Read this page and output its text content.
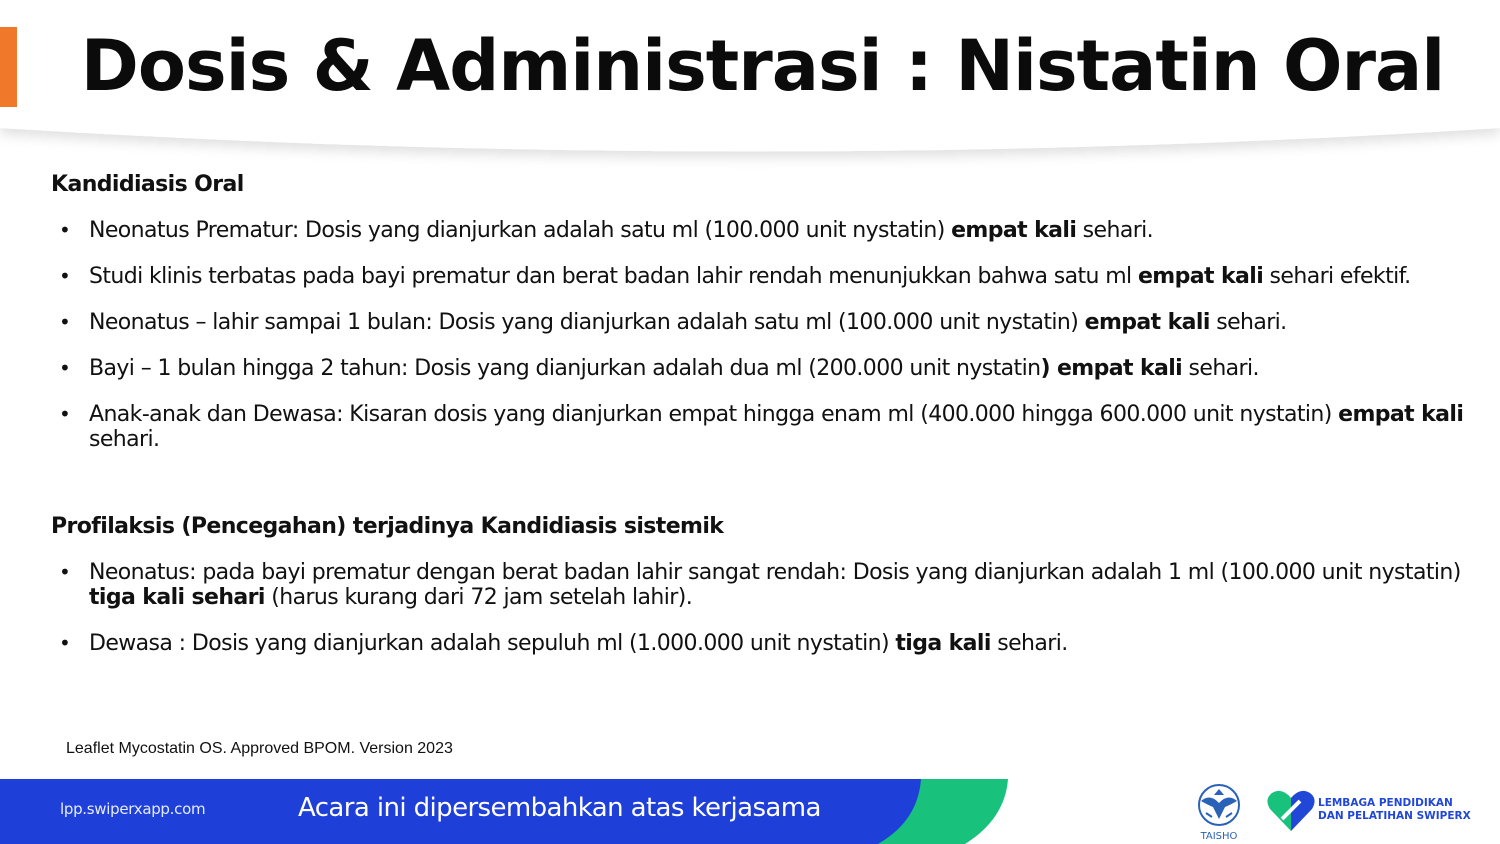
Dosis & Administrasi : Nistatin Oral

Kandidiasis Oral

• Neonatus Prematur: Dosis yang dianjurkan adalah satu ml (100.000 unit nystatin) empat kali sehari.
• Studi klinis terbatas pada bayi prematur dan berat badan lahir rendah menunjukkan bahwa satu ml empat kali sehari efektif.
• Neonatus – lahir sampai 1 bulan: Dosis yang dianjurkan adalah satu ml (100.000 unit nystatin) empat kali sehari.
• Bayi – 1 bulan hingga 2 tahun: Dosis yang dianjurkan adalah dua ml (200.000 unit nystatin) empat kali sehari.
• Anak-anak dan Dewasa: Kisaran dosis yang dianjurkan empat hingga enam ml (400.000 hingga 600.000 unit nystatin) empat kali sehari.

Profilaksis (Pencegahan) terjadinya Kandidiasis sistemik

• Neonatus: pada bayi prematur dengan berat badan lahir sangat rendah: Dosis yang dianjurkan adalah 1 ml (100.000 unit nystatin) tiga kali sehari (harus kurang dari 72 jam setelah lahir).
• Dewasa : Dosis yang dianjurkan adalah sepuluh ml (1.000.000 unit nystatin) tiga kali sehari.
Leaflet Mycostatin OS. Approved BPOM. Version 2023
lpp.swiperxapp.com	Acara ini dipersembahkan atas kerjasama
TAISHO
LEMBAGA PENDIDIKAN
DAN PELATIHAN SWIPERX
